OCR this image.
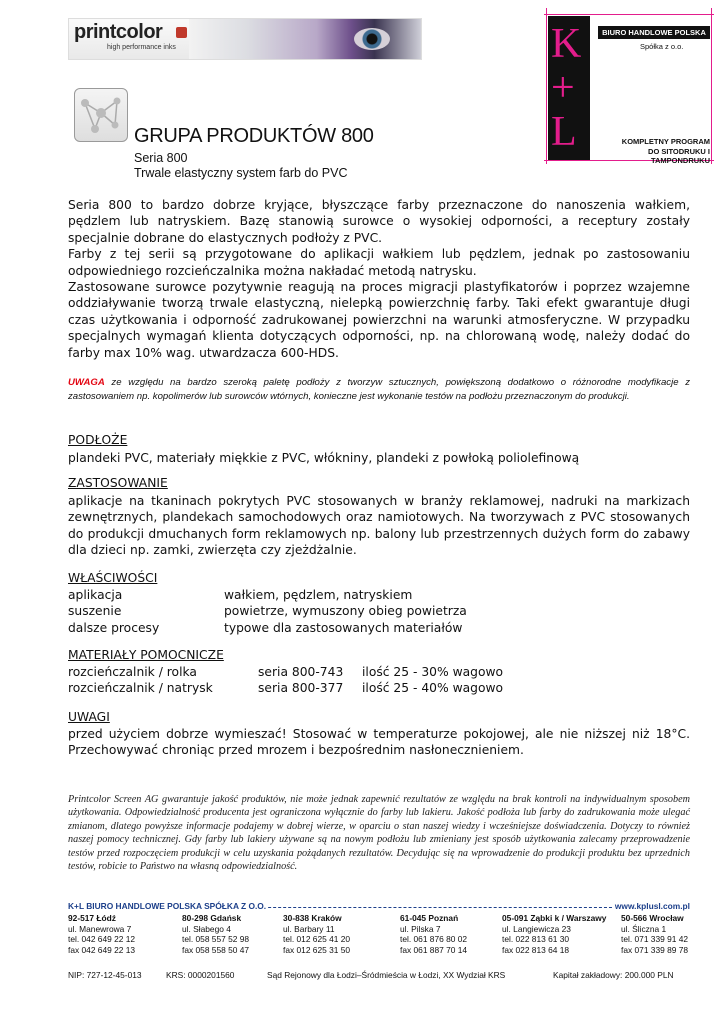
printcolor
high performance inks	K+L
BIURO HANDLOWE POLSKA
Spółka z o.o.
KOMPLETNY PROGRAM
DO SITODRUKU I TAMPONDRUKU
GRUPA PRODUKTÓW 800
Seria 800
Trwale elastyczny system farb do PVC

Seria 800 to bardzo dobrze kryjące, błyszczące farby przeznaczone do nanoszenia wałkiem, pędzlem lub natryskiem. Bazę stanowią surowce o wysokiej odporności, a receptury zostały specjalnie dobrane do elastycznych podłoży z PVC.

Farby z tej serii są przygotowane do aplikacji wałkiem lub pędzlem, jednak po zastosowaniu odpowiedniego rozcieńczalnika można nakładać metodą natrysku.

Zastosowane surowce pozytywnie reagują na proces migracji plastyfikatorów i poprzez wzajemne oddziaływanie tworzą trwale elastyczną, nielepką powierzchnię farby. Taki efekt gwarantuje długi czas użytkowania i odporność zadrukowanej powierzchni na warunki atmosferyczne. W przypadku specjalnych wymagań klienta dotyczących odporności, np. na chlorowaną wodę, należy dodać do farby max 10% wag. utwardzacza 600-HDS.

UWAGA ze względu na bardzo szeroką paletę podłoży z tworzyw sztucznych, powiększoną dodatkowo o różnorodne modyfikacje z zastosowaniem np. kopolimerów lub surowców wtórnych, konieczne jest wykonanie testów na podłożu przeznaczonym do produkcji.
PODŁOŻE
plandeki PVC, materiały miękkie z PVC, włókniny, plandeki z powłoką poliolefinową
ZASTOSOWANIE
aplikacje na tkaninach pokrytych PVC stosowanych w branży reklamowej, nadruki na markizach zewnętrznych, plandekach samochodowych oraz namiotowych. Na tworzywach z PVC stosowanych do produkcji dmuchanych form reklamowych np. balony lub przestrzennych dużych form do zabawy dla dzieci np. zamki, zwierzęta czy zjeżdżalnie.
WŁAŚCIWOŚCI
aplikacja	wałkiem, pędzlem, natryskiem
suszenie	powietrze, wymuszony obieg powietrza
dalsze procesy	typowe dla zastosowanych materiałów
MATERIAŁY POMOCNICZE
rozcieńczalnik / rolka	seria 800-743	ilość 25 - 30% wagowo
rozcieńczalnik / natrysk	seria 800-377	ilość 25 - 40% wagowo
UWAGI
przed użyciem dobrze wymieszać! Stosować w temperaturze pokojowej, ale nie niższej niż 18°C. Przechowywać chroniąc przed mrozem i bezpośrednim nasłonecznieniem.
Printcolor Screen AG gwarantuje jakość produktów, nie może jednak zapewnić rezultatów ze względu na brak kontroli na indywidualnym sposobem użytkowania. Odpowiedzialność producenta jest ograniczona wyłącznie do farby lub lakieru. Jakość podłoża lub farby do zadrukowania może ulegać zmianom, dlatego powyższe informacje podajemy w dobrej wierze, w oparciu o stan naszej wiedzy i wcześniejsze doświadczenia. Dotyczy to również naszej pomocy technicznej. Gdy farby lub lakiery używane są na nowym podłożu lub zmieniany jest sposób użytkowania zalecamy przeprowadzenie testów przed rozpoczęciem produkcji w celu uzyskania pożądanych rezultatów. Decydując się na wprowadzenie do produkcji produktu bez uprzednich testów, robicie to Państwo na własną odpowiedzialność.
K+L BIURO HANDLOWE POLSKA SPÓŁKA Z O.O.	www.kplusl.com.pl
92-517 Łódź
ul. Manewrowa 7
tel. 042 649 22 12
fax 042 649 22 13
80-298 Gdańsk
ul. Słabego 4
tel. 058 557 52 98
fax 058 558 50 47
30-838 Kraków
ul. Barbary 11
tel. 012 625 41 20
fax 012 625 31 50
61-045 Poznań
ul. Pilska 7
tel. 061 876 80 02
fax 061 887 70 14
05-091 Ząbki k / Warszawy
ul. Langiewicza 23
tel. 022 813 61 30
fax 022 813 64 18
50-566 Wrocław
ul. Ślicznа 1
tel. 071 339 91 42
fax 071 339 89 78
NIP: 727-12-45-013	KRS: 0000201560	Sąd Rejonowy dla Łodzi–Śródmieścia w Łodzi, XX Wydział KRS	Kapitał zakładowy: 200.000 PLN
